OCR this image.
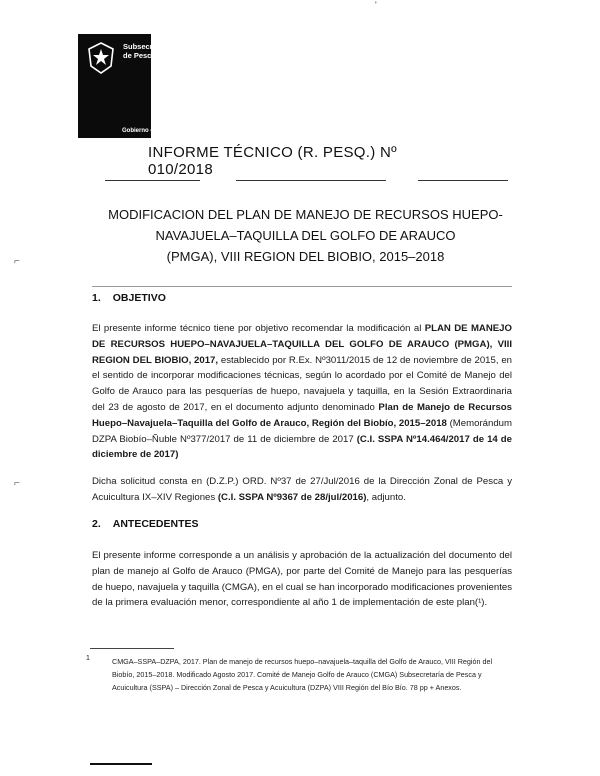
Subsecretaría
de Pesca
Gobierno de Chile
'
INFORME TÉCNICO (R. PESQ.) Nº 010/2018
MODIFICACION DEL PLAN DE MANEJO DE RECURSOS HUEPO-
NAVAJUELA–TAQUILLA DEL GOLFO DE ARAUCO
(PMGA), VIII REGION DEL BIOBIO, 2015–2018
⌐
⌐
1. OBJETIVO
El presente informe técnico tiene por objetivo recomendar la modificación al PLAN DE MANEJO DE RECURSOS HUEPO–NAVAJUELA–TAQUILLA DEL GOLFO DE ARAUCO (PMGA), VIII REGION DEL BIOBIO, 2017, establecido por R.Ex. Nº3011/2015 de 12 de noviembre de 2015, en el sentido de incorporar modificaciones técnicas, según lo acordado por el Comité de Manejo del Golfo de Arauco para las pesquerías de huepo, navajuela y taquilla, en la Sesión Extraordinaria del 23 de agosto de 2017, en el documento adjunto denominado Plan de Manejo de Recursos Huepo–Navajuela–Taquilla del Golfo de Arauco, Región del Biobío, 2015–2018 (Memorándum DZPA Biobío–Ñuble Nº377/2017 de 11 de diciembre de 2017 (C.I. SSPA Nº14.464/2017 de 14 de diciembre de 2017)
Dicha solicitud consta en (D.Z.P.) ORD. Nº37 de 27/Jul/2016 de la Dirección Zonal de Pesca y Acuicultura IX–XIV Regiones (C.I. SSPA Nº9367 de 28/jul/2016), adjunto.
2. ANTECEDENTES
El presente informe corresponde a un análisis y aprobación de la actualización del documento del plan de manejo al Golfo de Arauco (PMGA), por parte del Comité de Manejo para las pesquerías de huepo, navajuela y taquilla (CMGA), en el cual se han incorporado modificaciones provenientes de la primera evaluación menor, correspondiente al año 1 de implementación de este plan(¹).
1	CMGA–SSPA–DZPA, 2017. Plan de manejo de recursos huepo–navajuela–taquilla del Golfo de Arauco, VIII Región del Biobío, 2015–2018. Modificado Agosto 2017. Comité de Manejo Golfo de Arauco (CMGA) Subsecretaría de Pesca y Acuicultura (SSPA) – Dirección Zonal de Pesca y Acuicultura (DZPA) VIII Región del Bío Bío. 78 pp + Anexos.
